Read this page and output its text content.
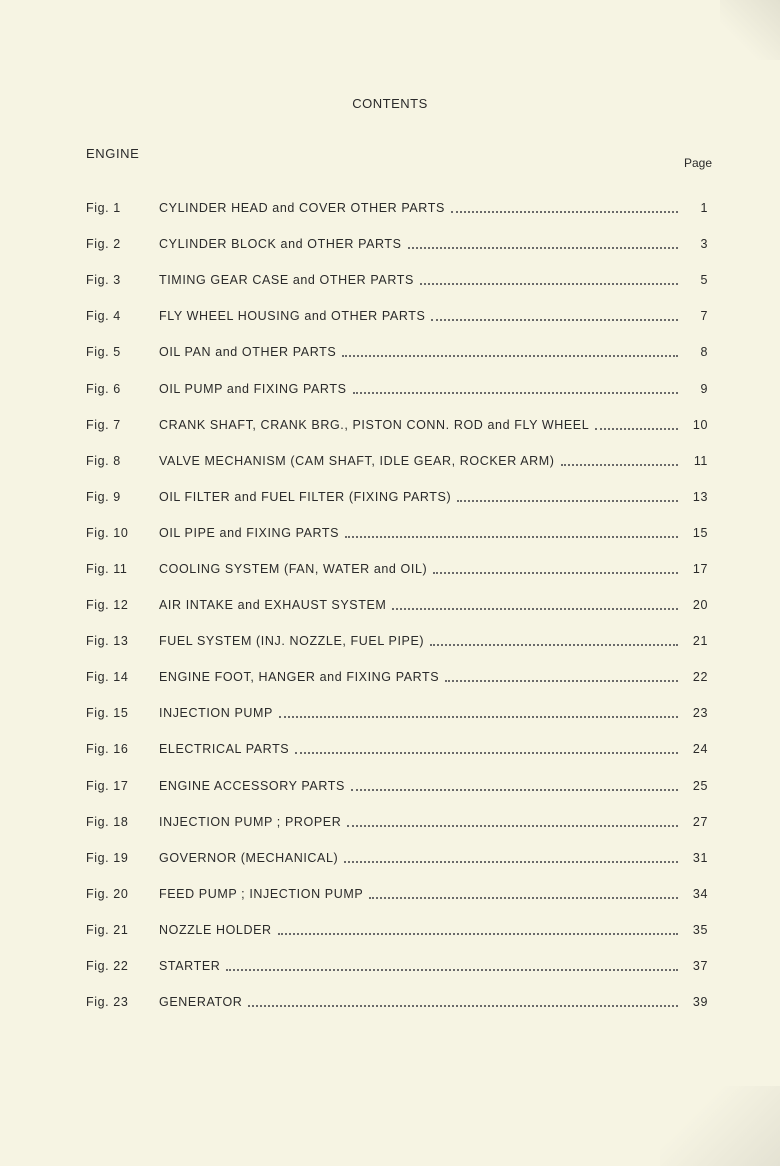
CONTENTS
ENGINE
Page
Fig. 1	CYLINDER HEAD and COVER OTHER PARTS	1
Fig. 2	CYLINDER BLOCK and OTHER PARTS	3
Fig. 3	TIMING GEAR CASE and OTHER PARTS	5
Fig. 4	FLY WHEEL HOUSING and OTHER PARTS	7
Fig. 5	OIL PAN and OTHER PARTS	8
Fig. 6	OIL PUMP and FIXING PARTS	9
Fig. 7	CRANK SHAFT, CRANK BRG., PISTON CONN. ROD and FLY WHEEL	10
Fig. 8	VALVE MECHANISM (CAM SHAFT, IDLE GEAR, ROCKER ARM)	11
Fig. 9	OIL FILTER and FUEL FILTER (FIXING PARTS)	13
Fig. 10	OIL PIPE and FIXING PARTS	15
Fig. 11	COOLING SYSTEM (FAN, WATER and OIL)	17
Fig. 12	AIR INTAKE and EXHAUST SYSTEM	20
Fig. 13	FUEL SYSTEM (INJ. NOZZLE, FUEL PIPE)	21
Fig. 14	ENGINE FOOT, HANGER and FIXING PARTS	22
Fig. 15	INJECTION PUMP	23
Fig. 16	ELECTRICAL PARTS	24
Fig. 17	ENGINE ACCESSORY PARTS	25
Fig. 18	INJECTION PUMP ; PROPER	27
Fig. 19	GOVERNOR (MECHANICAL)	31
Fig. 20	FEED PUMP ; INJECTION PUMP	34
Fig. 21	NOZZLE HOLDER	35
Fig. 22	STARTER	37
Fig. 23	GENERATOR	39
